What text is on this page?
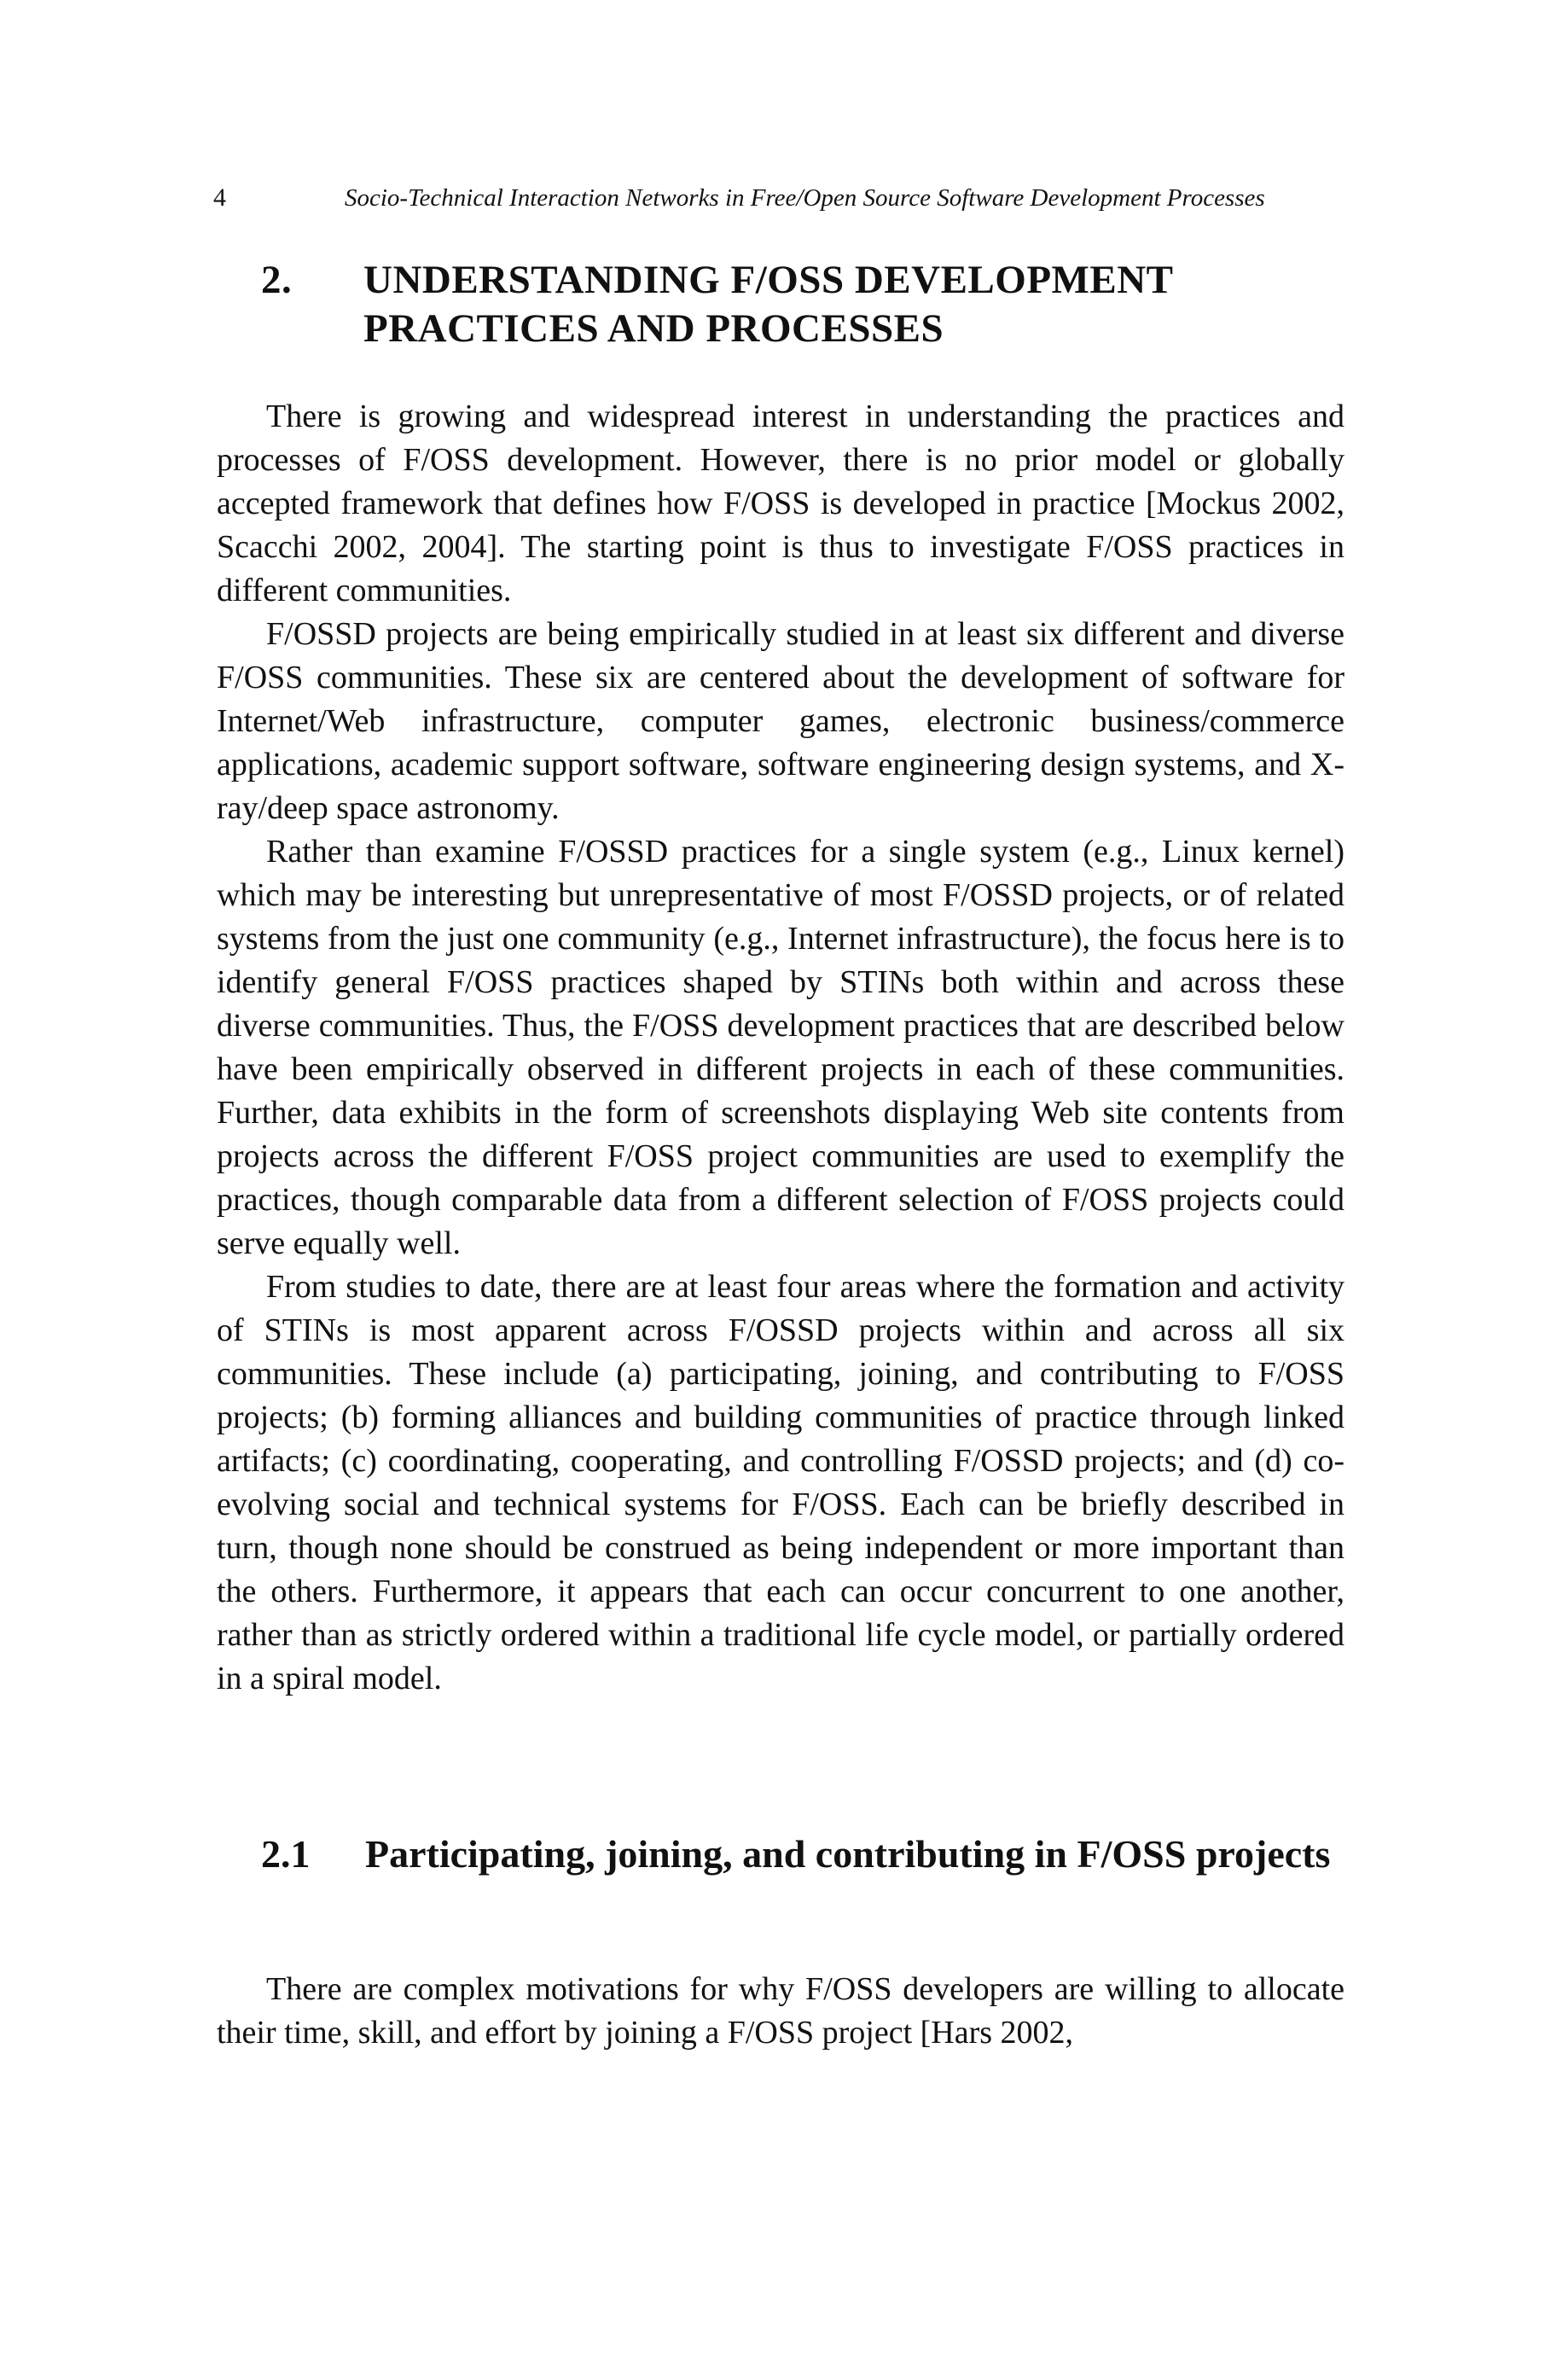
4	Socio-Technical Interaction Networks in Free/Open Source Software Development Processes
2. UNDERSTANDING F/OSS DEVELOPMENT PRACTICES AND PROCESSES

There is growing and widespread interest in understanding the practices and processes of F/OSS development. However, there is no prior model or globally accepted framework that defines how F/OSS is developed in practice [Mockus 2002, Scacchi 2002, 2004]. The starting point is thus to investigate F/OSS practices in different communities.

F/OSSD projects are being empirically studied in at least six different and diverse F/OSS communities. These six are centered about the development of software for Internet/Web infrastructure, computer games, electronic business/commerce applications, academic support software, software engineering design systems, and X-ray/deep space astronomy.

Rather than examine F/OSSD practices for a single system (e.g., Linux kernel) which may be interesting but unrepresentative of most F/OSSD projects, or of related systems from the just one community (e.g., Internet infrastructure), the focus here is to identify general F/OSS practices shaped by STINs both within and across these diverse communities. Thus, the F/OSS development practices that are described below have been empirically observed in different projects in each of these communities. Further, data exhibits in the form of screenshots displaying Web site contents from projects across the different F/OSS project communities are used to exemplify the practices, though comparable data from a different selection of F/OSS projects could serve equally well.

From studies to date, there are at least four areas where the formation and activity of STINs is most apparent across F/OSSD projects within and across all six communities. These include (a) participating, joining, and contributing to F/OSS projects; (b) forming alliances and building communities of practice through linked artifacts; (c) coordinating, cooperating, and controlling F/OSSD projects; and (d) co-evolving social and technical systems for F/OSS. Each can be briefly described in turn, though none should be construed as being independent or more important than the others. Furthermore, it appears that each can occur concurrent to one another, rather than as strictly ordered within a traditional life cycle model, or partially ordered in a spiral model.

2.1 Participating, joining, and contributing in F/OSS projects

There are complex motivations for why F/OSS developers are willing to allocate their time, skill, and effort by joining a F/OSS project [Hars 2002,
